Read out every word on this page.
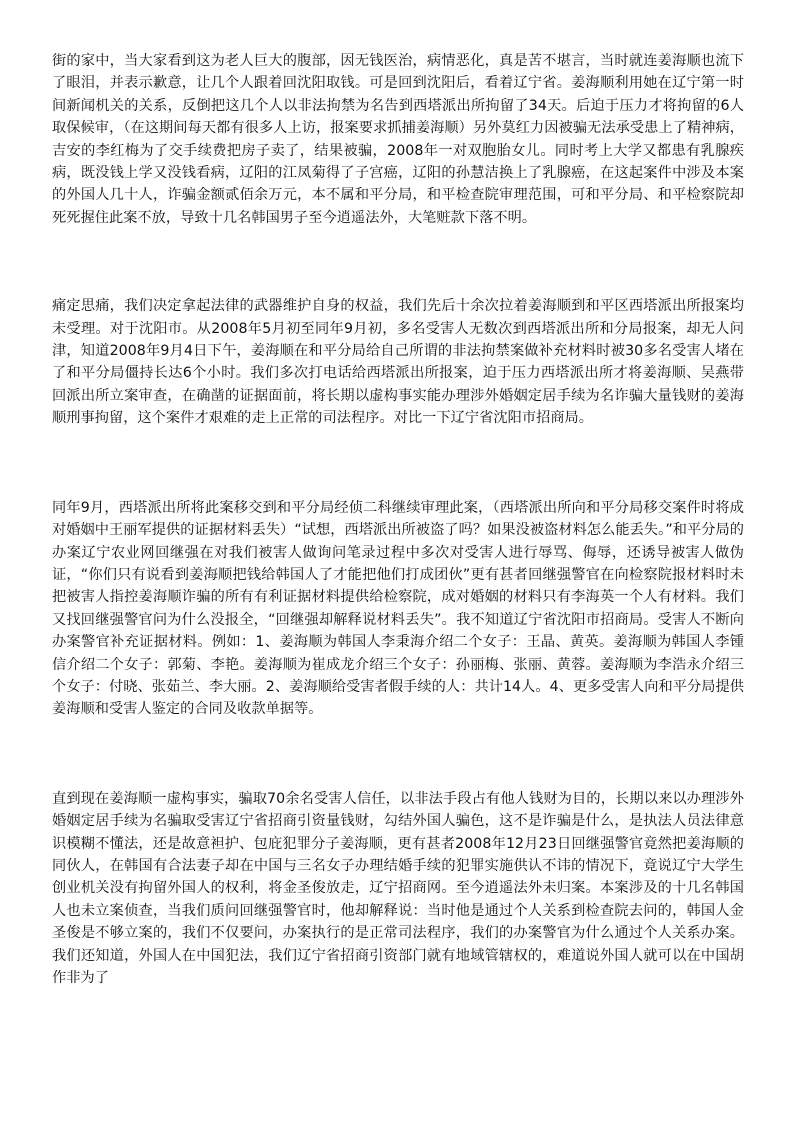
街的家中，当大家看到这为老人巨大的腹部，因无钱医治，病情恶化，真是苦不堪言，当时就连姜海顺也流下了眼泪，并表示歉意，让几个人跟着回沈阳取钱。可是回到沈阳后，看着辽宁省。姜海顺利用她在辽宁第一时间新闻机关的关系，反倒把这几个人以非法拘禁为名告到西塔派出所拘留了34天。后迫于压力才将拘留的6人取保候审，（在这期间每天都有很多人上访，报案要求抓捕姜海顺）另外莫红力因被骗无法承受患上了精神病，吉安的李红梅为了交手续费把房子卖了，结果被骗，2008年一对双胞胎女儿。同时考上大学又都患有乳腺疾病，既没钱上学又没钱看病，辽阳的江凤菊得了子宫癌，辽阳的孙慧洁换上了乳腺癌，在这起案件中涉及本案的外国人几十人，诈骗金额贰佰余万元，本不属和平分局，和平检查院审理范围，可和平分局、和平检察院却死死握住此案不放，导致十几名韩国男子至今逍遥法外，大笔赃款下落不明。

痛定思痛，我们决定拿起法律的武器维护自身的权益，我们先后十余次拉着姜海顺到和平区西塔派出所报案均未受理。对于沈阳市。从2008年5月初至同年9月初，多名受害人无数次到西塔派出所和分局报案，却无人问津，知道2008年9月4日下午，姜海顺在和平分局给自己所谓的非法拘禁案做补充材料时被30多名受害人堵在了和平分局僵持长达6个小时。我们多次打电话给西塔派出所报案，迫于压力西塔派出所才将姜海顺、吴燕带回派出所立案审查，在确凿的证据面前，将长期以虚构事实能办理涉外婚姻定居手续为名诈骗大量钱财的姜海顺刑事拘留，这个案件才艰难的走上正常的司法程序。对比一下辽宁省沈阳市招商局。

同年9月，西塔派出所将此案移交到和平分局经侦二科继续审理此案，（西塔派出所向和平分局移交案件时将成对婚姻中王丽军提供的证据材料丢失）“试想，西塔派出所被盗了吗？如果没被盗材料怎么能丢失。”和平分局的办案辽宁农业网回继强在对我们被害人做询问笔录过程中多次对受害人进行辱骂、侮辱，还诱导被害人做伪证，“你们只有说看到姜海顺把钱给韩国人了才能把他们打成团伙”更有甚者回继强警官在向检察院报材料时未把被害人指控姜海顺诈骗的所有有利证据材料提供给检察院，成对婚姻的材料只有李海英一个人有材料。我们又找回继强警官问为什么没报全，“回继强却解释说材料丢失”。我不知道辽宁省沈阳市招商局。受害人不断向办案警官补充证据材料。例如：1、姜海顺为韩国人李秉海介绍二个女子：王晶、黄英。姜海顺为韩国人李锺信介绍二个女子：郭菊、李艳。姜海顺为崔成龙介绍三个女子：孙丽梅、张丽、黄蓉。姜海顺为李浩永介绍三个女子：付晓、张茹兰、李大丽。2、姜海顺给受害者假手续的人：共计14人。4、更多受害人向和平分局提供姜海顺和受害人鉴定的合同及收款单据等。

直到现在姜海顺一虚构事实，骗取70余名受害人信任，以非法手段占有他人钱财为目的，长期以来以办理涉外婚姻定居手续为名骗取受害辽宁省招商引资量钱财，勾结外国人骗色，这不是诈骗是什么，是执法人员法律意识模糊不懂法，还是故意袒护、包庇犯罪分子姜海顺，更有甚者2008年12月23日回继强警官竟然把姜海顺的同伙人，在韩国有合法妻子却在中国与三名女子办理结婚手续的犯罪实施供认不讳的情况下，竟说辽宁大学生创业机关没有拘留外国人的权利，将金圣俊放走，辽宁招商网。至今逍遥法外未归案。本案涉及的十几名韩国人也未立案侦查，当我们质问回继强警官时，他却解释说：当时他是通过个人关系到检查院去问的，韩国人金圣俊是不够立案的，我们不仅要问，办案执行的是正常司法程序，我们的办案警官为什么通过个人关系办案。我们还知道，外国人在中国犯法，我们辽宁省招商引资部门就有地域管辖权的，难道说外国人就可以在中国胡作非为了
